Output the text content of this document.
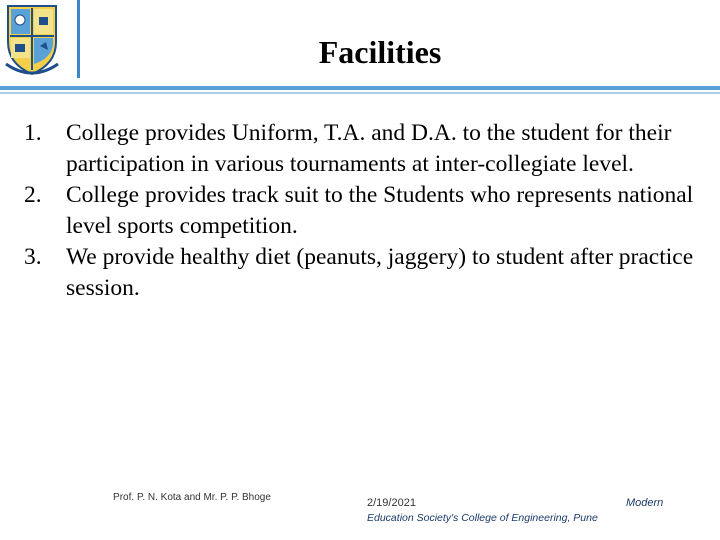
Facilities
1. College provides Uniform, T.A. and D.A. to the student for their participation in various tournaments at inter-collegiate level.
2. College provides track suit to the Students who represents national level sports competition.
3. We provide healthy diet (peanuts, jaggery) to student after practice session.
Prof. P. N. Kota and Mr. P. P. Bhoge	2/19/2021	Modern
Education Society's College of Engineering, Pune
